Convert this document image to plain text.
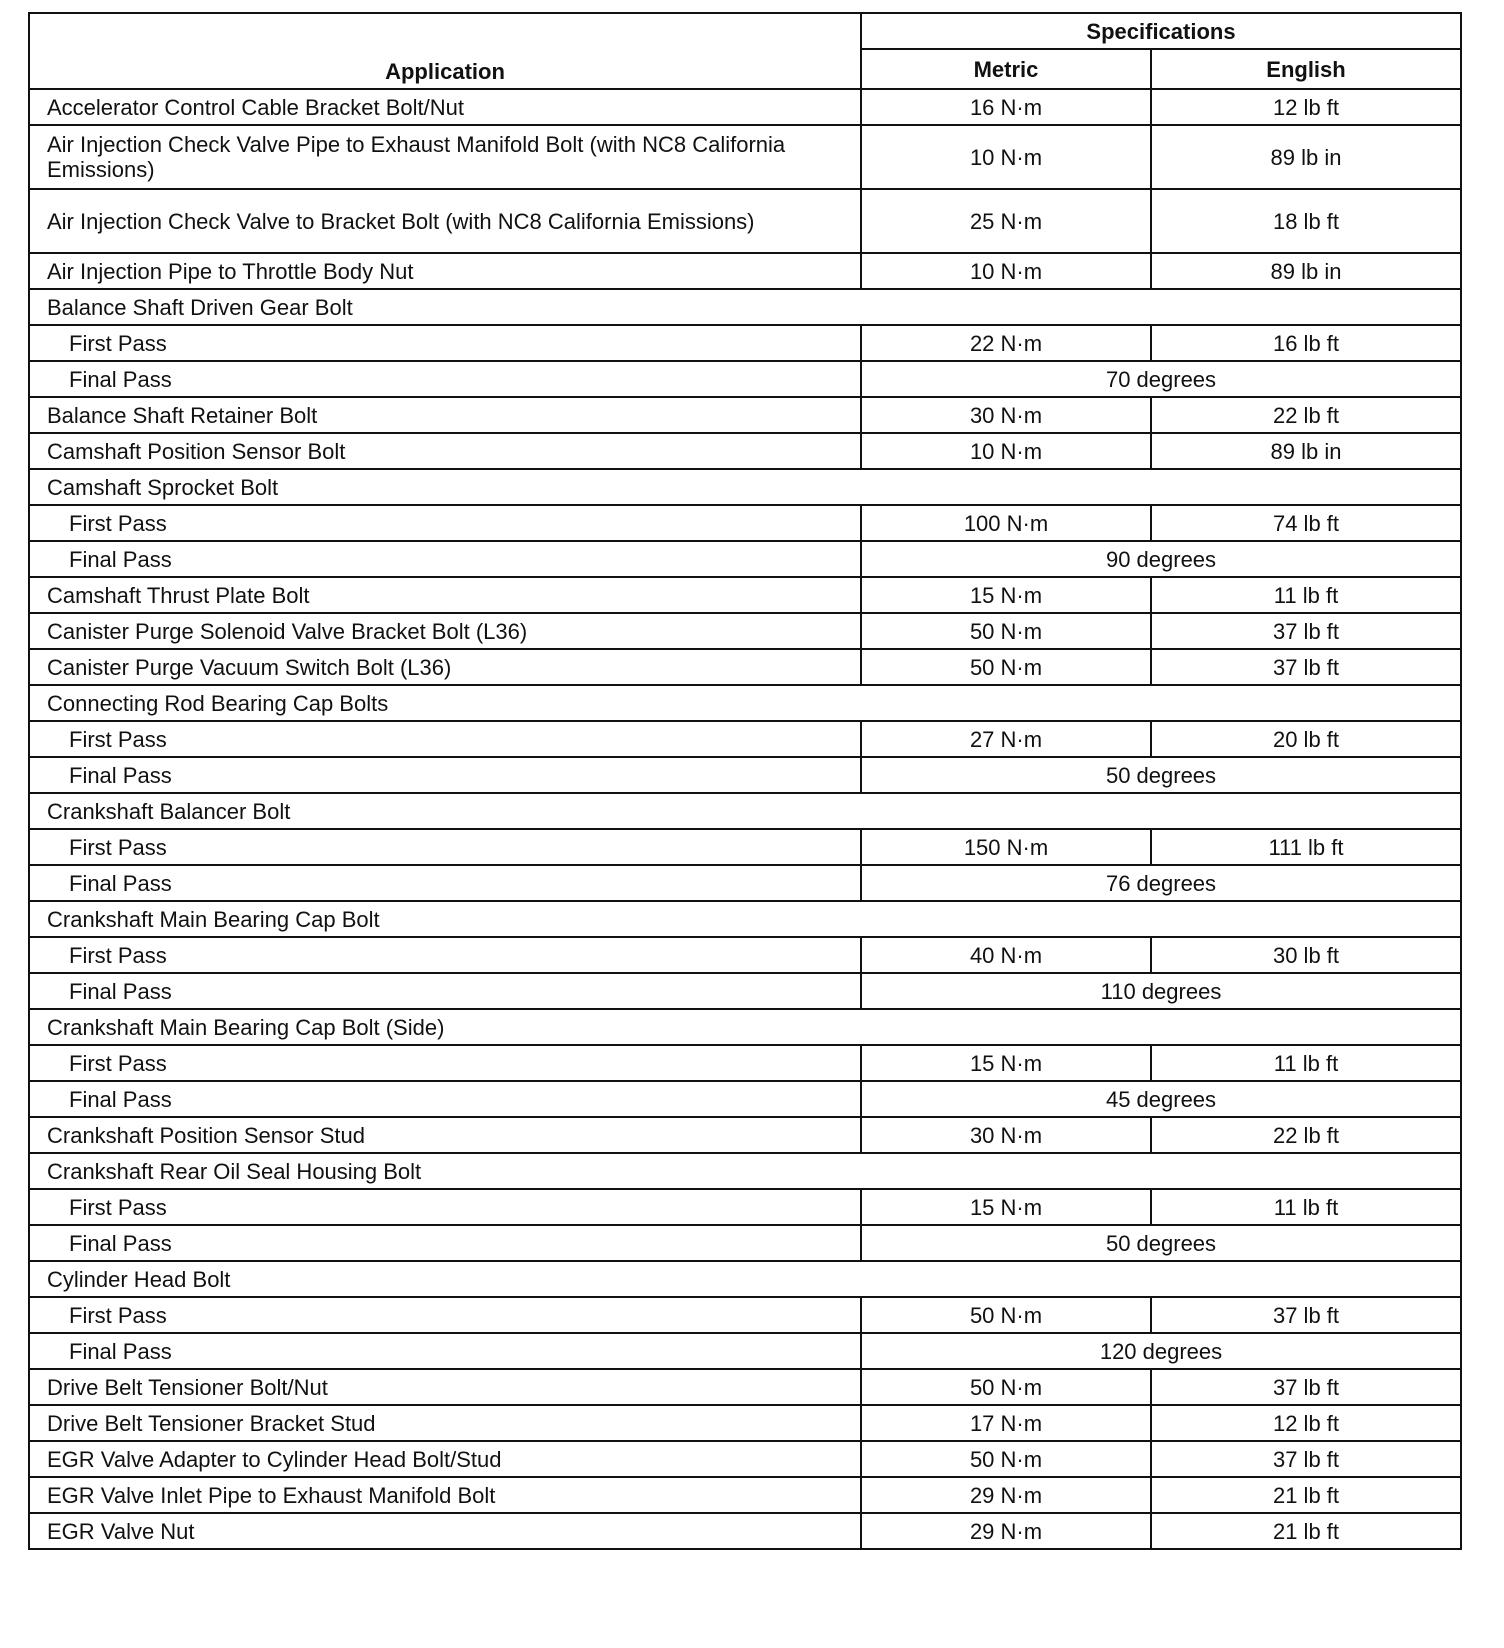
Application	Specifications	
	Metric	English
Accelerator Control Cable Bracket Bolt/Nut	16 N·m	12 lb ft
Air Injection Check Valve Pipe to Exhaust Manifold Bolt (with NC8 California Emissions)	10 N·m	89 lb in
Air Injection Check Valve to Bracket Bolt (with NC8 California Emissions)	25 N·m	18 lb ft
Air Injection Pipe to Throttle Body Nut	10 N·m	89 lb in
Balance Shaft Driven Gear Bolt		
First Pass	22 N·m	16 lb ft
Final Pass	70 degrees	
Balance Shaft Retainer Bolt	30 N·m	22 lb ft
Camshaft Position Sensor Bolt	10 N·m	89 lb in
Camshaft Sprocket Bolt		
First Pass	100 N·m	74 lb ft
Final Pass	90 degrees	
Camshaft Thrust Plate Bolt	15 N·m	11 lb ft
Canister Purge Solenoid Valve Bracket Bolt (L36)	50 N·m	37 lb ft
Canister Purge Vacuum Switch Bolt (L36)	50 N·m	37 lb ft
Connecting Rod Bearing Cap Bolts		
First Pass	27 N·m	20 lb ft
Final Pass	50 degrees	
Crankshaft Balancer Bolt		
First Pass	150 N·m	111 lb ft
Final Pass	76 degrees	
Crankshaft Main Bearing Cap Bolt		
First Pass	40 N·m	30 lb ft
Final Pass	110 degrees	
Crankshaft Main Bearing Cap Bolt (Side)		
First Pass	15 N·m	11 lb ft
Final Pass	45 degrees	
Crankshaft Position Sensor Stud	30 N·m	22 lb ft
Crankshaft Rear Oil Seal Housing Bolt		
First Pass	15 N·m	11 lb ft
Final Pass	50 degrees	
Cylinder Head Bolt		
First Pass	50 N·m	37 lb ft
Final Pass	120 degrees	
Drive Belt Tensioner Bolt/Nut	50 N·m	37 lb ft
Drive Belt Tensioner Bracket Stud	17 N·m	12 lb ft
EGR Valve Adapter to Cylinder Head Bolt/Stud	50 N·m	37 lb ft
EGR Valve Inlet Pipe to Exhaust Manifold Bolt	29 N·m	21 lb ft
EGR Valve Nut	29 N·m	21 lb ft
